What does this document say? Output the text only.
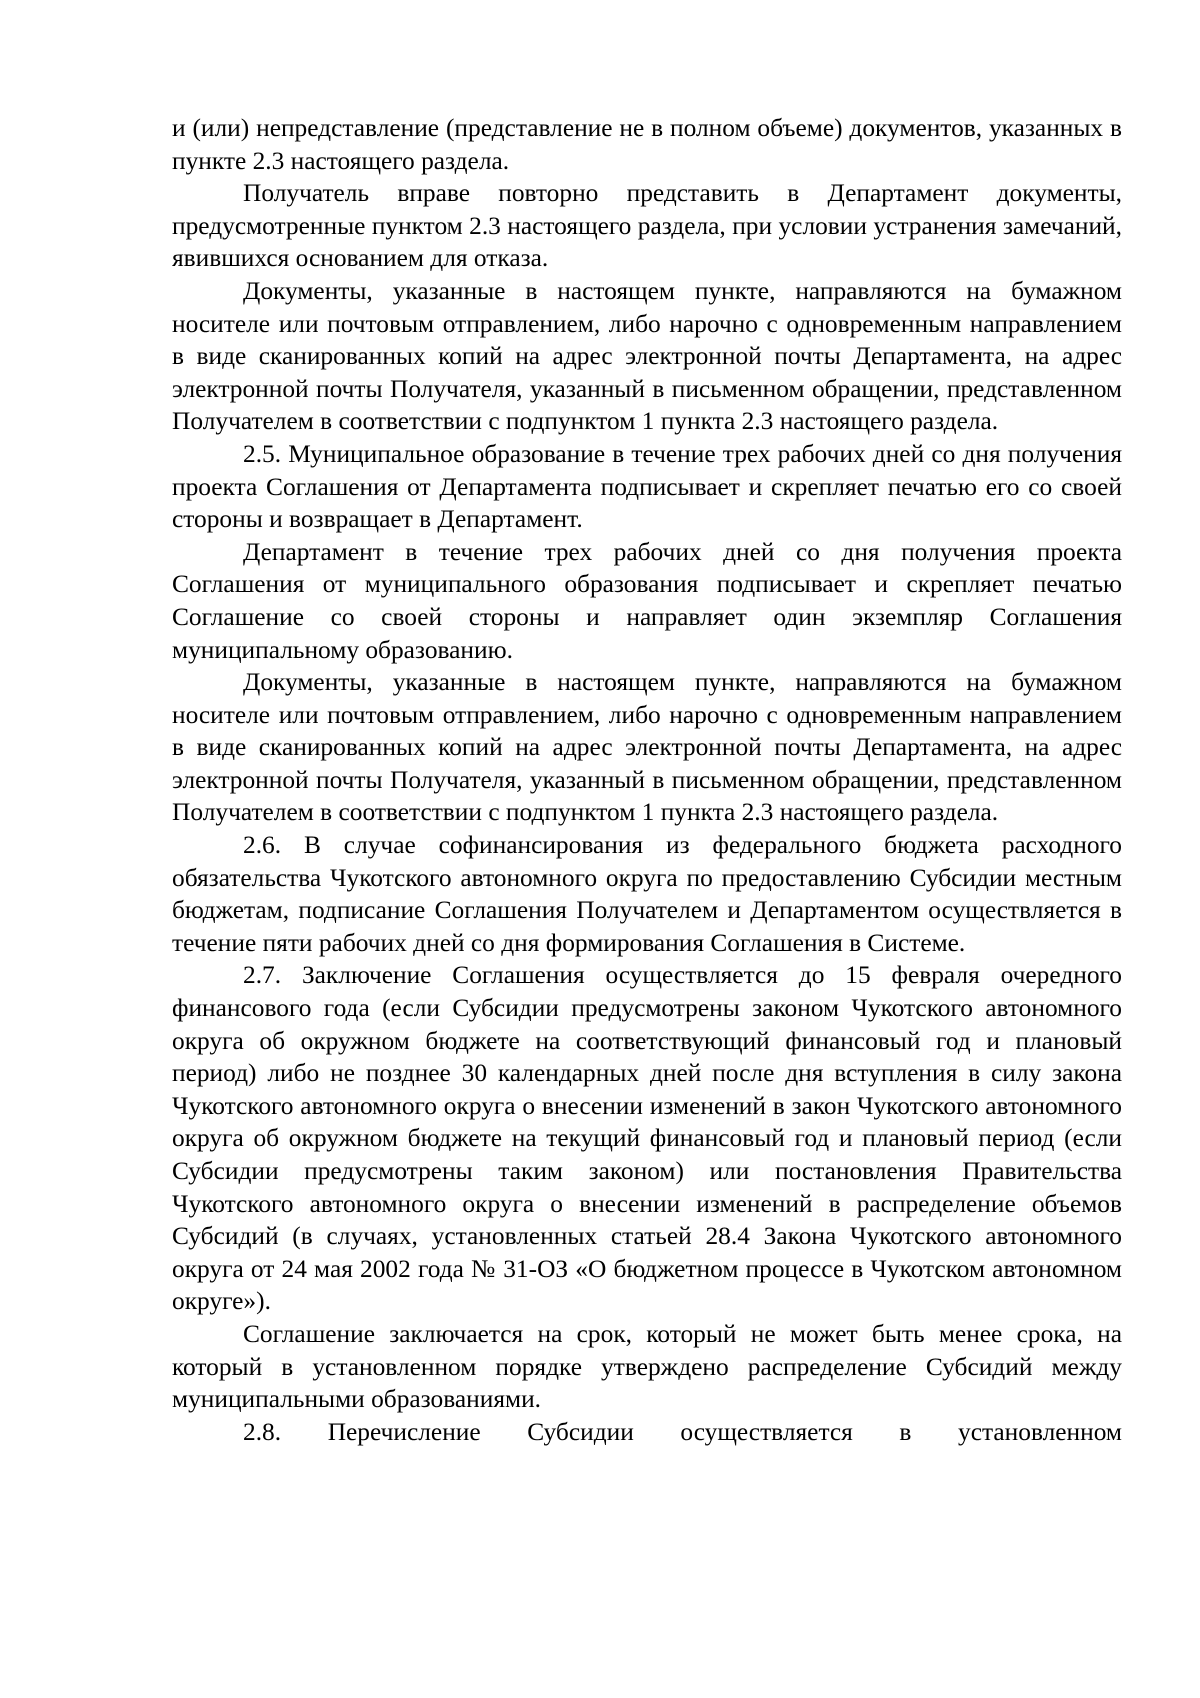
и (или) непредставление (представление не в полном объеме) документов, указанных в пункте 2.3 настоящего раздела.

Получатель вправе повторно представить в Департамент документы, предусмотренные пунктом 2.3 настоящего раздела, при условии устранения замечаний, явившихся основанием для отказа.

Документы, указанные в настоящем пункте, направляются на бумажном носителе или почтовым отправлением, либо нарочно с одновременным направлением в виде сканированных копий на адрес электронной почты Департамента, на адрес электронной почты Получателя, указанный в письменном обращении, представленном Получателем в соответствии с подпунктом 1 пункта 2.3 настоящего раздела.

2.5. Муниципальное образование в течение трех рабочих дней со дня получения проекта Соглашения от Департамента подписывает и скрепляет печатью его со своей стороны и возвращает в Департамент.

Департамент в течение трех рабочих дней со дня получения проекта Соглашения от муниципального образования подписывает и скрепляет печатью Соглашение со своей стороны и направляет один экземпляр Соглашения муниципальному образованию.

Документы, указанные в настоящем пункте, направляются на бумажном носителе или почтовым отправлением, либо нарочно с одновременным направлением в виде сканированных копий на адрес электронной почты Департамента, на адрес электронной почты Получателя, указанный в письменном обращении, представленном Получателем в соответствии с подпунктом 1 пункта 2.3 настоящего раздела.

2.6. В случае софинансирования из федерального бюджета расходного обязательства Чукотского автономного округа по предоставлению Субсидии местным бюджетам, подписание Соглашения Получателем и Департаментом осуществляется в течение пяти рабочих дней со дня формирования Соглашения в Системе.

2.7. Заключение Соглашения осуществляется до 15 февраля очередного финансового года (если Субсидии предусмотрены законом Чукотского автономного округа об окружном бюджете на соответствующий финансовый год и плановый период) либо не позднее 30 календарных дней после дня вступления в силу закона Чукотского автономного округа о внесении изменений в закон Чукотского автономного округа об окружном бюджете на текущий финансовый год и плановый период (если Субсидии предусмотрены таким законом) или постановления Правительства Чукотского автономного округа о внесении изменений в распределение объемов Субсидий (в случаях, установленных статьей 28.4 Закона Чукотского автономного округа от 24 мая 2002 года № 31-ОЗ «О бюджетном процессе в Чукотском автономном округе»).

Соглашение заключается на срок, который не может быть менее срока, на который в установленном порядке утверждено распределение Субсидий между муниципальными образованиями.

2.8. Перечисление Субсидии осуществляется в установленном
